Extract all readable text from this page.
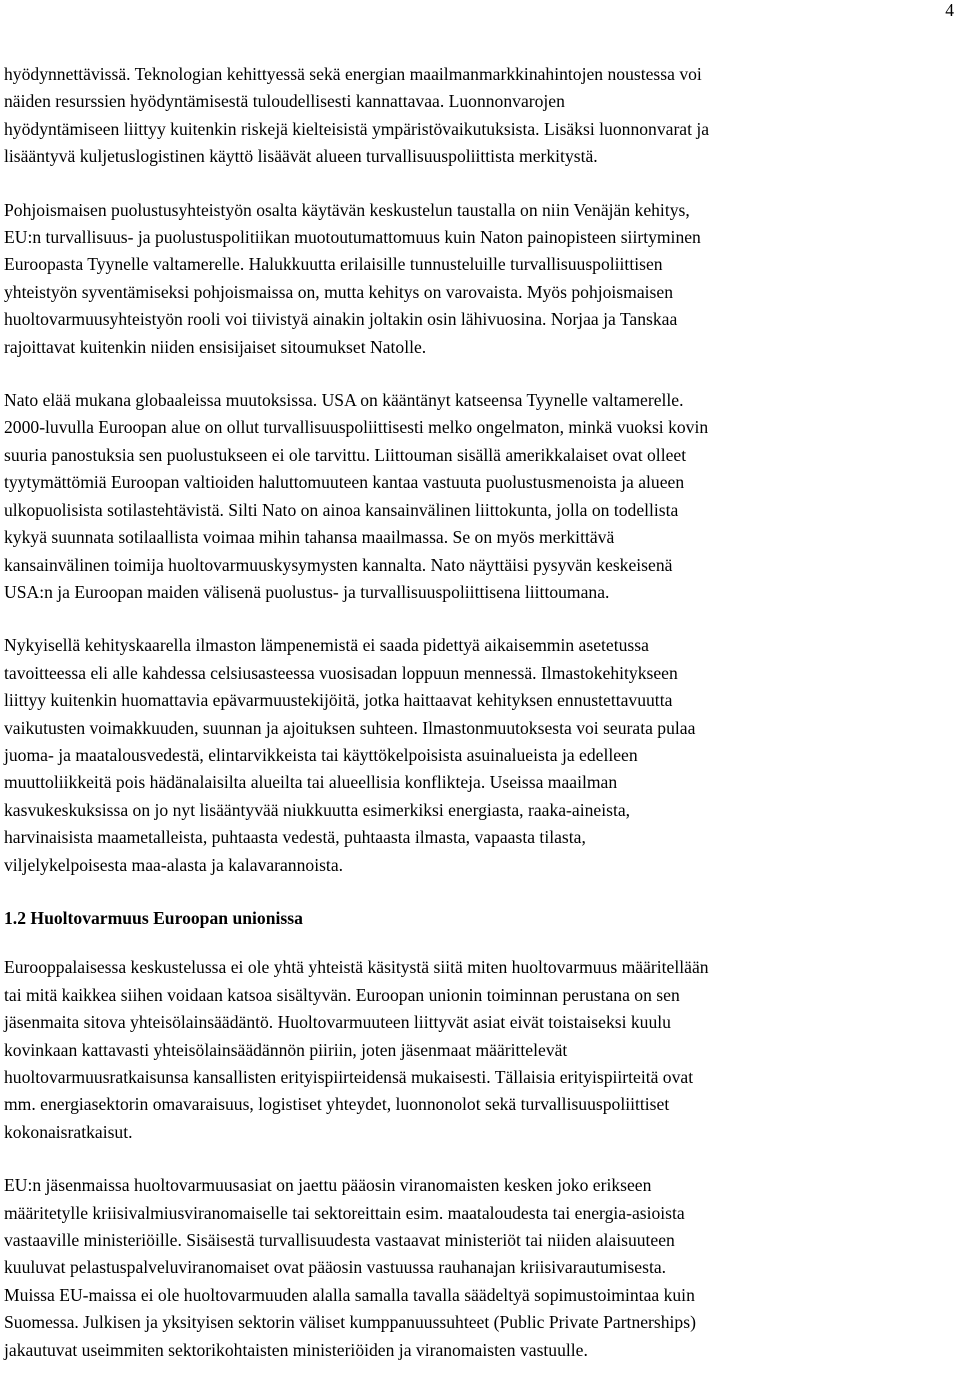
4

hyödynnettävissä. Teknologian kehittyessä sekä energian maailmanmarkkinahintojen noustessa voi
näiden resurssien hyödyntämisestä tuloudellisesti kannattavaa. Luonnonvarojen
hyödyntämiseen liittyy kuitenkin riskejä kielteisistä ympäristövaikutuksista. Lisäksi luonnonvarat ja
lisääntyvä kuljetuslogistinen käyttö lisäävät alueen turvallisuuspoliittista merkitystä.

Pohjoismaisen puolustusyhteistyön osalta käytävän keskustelun taustalla on niin Venäjän kehitys,
EU:n turvallisuus- ja puolustuspolitiikan muotoutumattomuus kuin Naton painopisteen siirtyminen
Euroopasta Tyynelle valtamerelle. Halukkuutta erilaisille tunnusteluille turvallisuuspoliittisen
yhteistyön syventämiseksi pohjoismaissa on, mutta kehitys on varovaista. Myös pohjoismaisen
huoltovarmuusyhteistyön rooli voi tiivistyä ainakin joltakin osin lähivuosina. Norjaa ja Tanskaa
rajoittavat kuitenkin niiden ensisijaiset sitoumukset Natolle.

Nato elää mukana globaaleissa muutoksissa. USA on kääntänyt katseensa Tyynelle valtamerelle.
2000-luvulla Euroopan alue on ollut turvallisuuspoliittisesti melko ongelmaton, minkä vuoksi kovin
suuria panostuksia sen puolustukseen ei ole tarvittu. Liittouman sisällä amerikkalaiset ovat olleet
tyytymättömiä Euroopan valtioiden haluttomuuteen kantaa vastuuta puolustusmenoista ja alueen
ulkopuolisista sotilastehtävistä. Silti Nato on ainoa kansainvälinen liittokunta, jolla on todellista
kykyä suunnata sotilaallista voimaa mihin tahansa maailmassa. Se on myös merkittävä
kansainvälinen toimija huoltovarmuuskysymysten kannalta. Nato näyttäisi pysyvän keskeisenä
USA:n ja Euroopan maiden välisenä puolustus- ja turvallisuuspoliittisena liittoumana.

Nykyisellä kehityskaarella ilmaston lämpenemistä ei saada pidettyä aikaisemmin asetetussa
tavoitteessa eli alle kahdessa celsiusasteessa vuosisadan loppuun mennessä. Ilmastokehitykseen
liittyy kuitenkin huomattavia epävarmuustekijöitä, jotka haittaavat kehityksen ennustettavuutta
vaikutusten voimakkuuden, suunnan ja ajoituksen suhteen. Ilmastonmuutoksesta voi seurata pulaa
juoma- ja maatalousvedestä, elintarvikkeista tai käyttökelpoisista asuinalueista ja edelleen
muuttoliikkeitä pois hädänalaisilta alueilta tai alueellisia konflikteja. Useissa maailman
kasvukeskuksissa on jo nyt lisääntyvää niukkuutta esimerkiksi energiasta, raaka-aineista,
harvinaisista maametalleista, puhtaasta vedestä, puhtaasta ilmasta, vapaasta tilasta,
viljelykelpoisesta maa-alasta ja kalavarannoista.

1.2 Huoltovarmuus Euroopan unionissa

Eurooppalaisessa keskustelussa ei ole yhtä yhteistä käsitystä siitä miten huoltovarmuus määritellään
tai mitä kaikkea siihen voidaan katsoa sisältyvän. Euroopan unionin toiminnan perustana on sen
jäsenmaita sitova yhteisölainsäädäntö. Huoltovarmuuteen liittyvät asiat eivät toistaiseksi kuulu
kovinkaan kattavasti yhteisölainsäädännön piiriin, joten jäsenmaat määrittelevät
huoltovarmuusratkaisunsa kansallisten erityispiirteidensä mukaisesti. Tällaisia erityispiirteitä ovat
mm. energiasektorin omavaraisuus, logistiset yhteydet, luonnonolot sekä turvallisuuspoliittiset
kokonaisratkaisut.

EU:n jäsenmaissa huoltovarmuusasiat on jaettu pääosin viranomaisten kesken joko erikseen
määritetylle kriisivalmiusviranomaiselle tai sektoreittain esim. maataloudesta tai energia-asioista
vastaaville ministeriöille. Sisäisestä turvallisuudesta vastaavat ministeriöt tai niiden alaisuuteen
kuuluvat pelastuspalveluviranomaiset ovat pääosin vastuussa rauhanajan kriisivarautumisesta.
Muissa EU-maissa ei ole huoltovarmuuden alalla samalla tavalla säädeltyä sopimustoimintaa kuin
Suomessa. Julkisen ja yksityisen sektorin väliset kumppanuussuhteet (Public Private Partnerships)
jakautuvat useimmiten sektorikohtaisten ministeriöiden ja viranomaisten vastuulle.
